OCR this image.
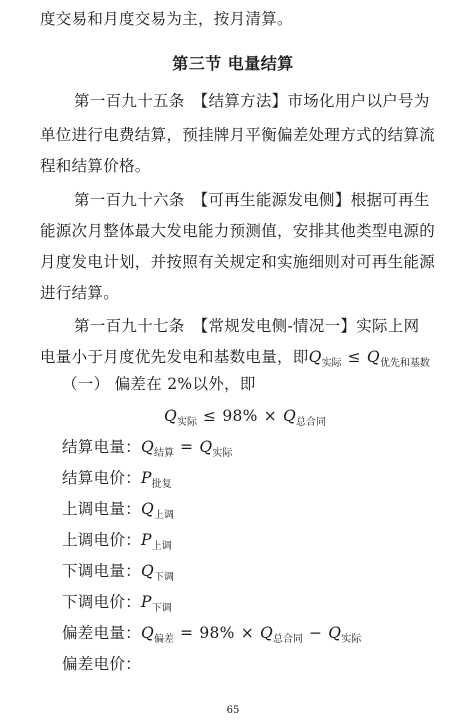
度交易和月度交易为主，按月清算。
第三节 电量结算
第一百九十五条　【结算方法】市场化用户以户号为
单位进行电费结算，预挂牌月平衡偏差处理方式的结算流
程和结算价格。
第一百九十六条　【可再生能源发电侧】根据可再生
能源次月整体最大发电能力预测值，安排其他类型电源的
月度发电计划，并按照有关规定和实施细则对可再生能源
进行结算。
第一百九十七条　【常规发电侧-情况一】实际上网
电量小于月度优先发电和基数电量，即$Q_{实际} \le Q_{优先和基数}$
（一） 偏差在 2%以外，即
$Q_{实际} \le 98\% \times Q_{总合同}$
结算电量：$Q_{结算} = Q_{实际}$
结算电价：$P_{批复}$
上调电量：$Q_{上调}$
上调电价：$P_{上调}$
下调电量：$Q_{下调}$
下调电价：$P_{下调}$
偏差电量：$Q_{偏差} = 98\% \times Q_{总合同} - Q_{实际}$
偏差电价：
65
